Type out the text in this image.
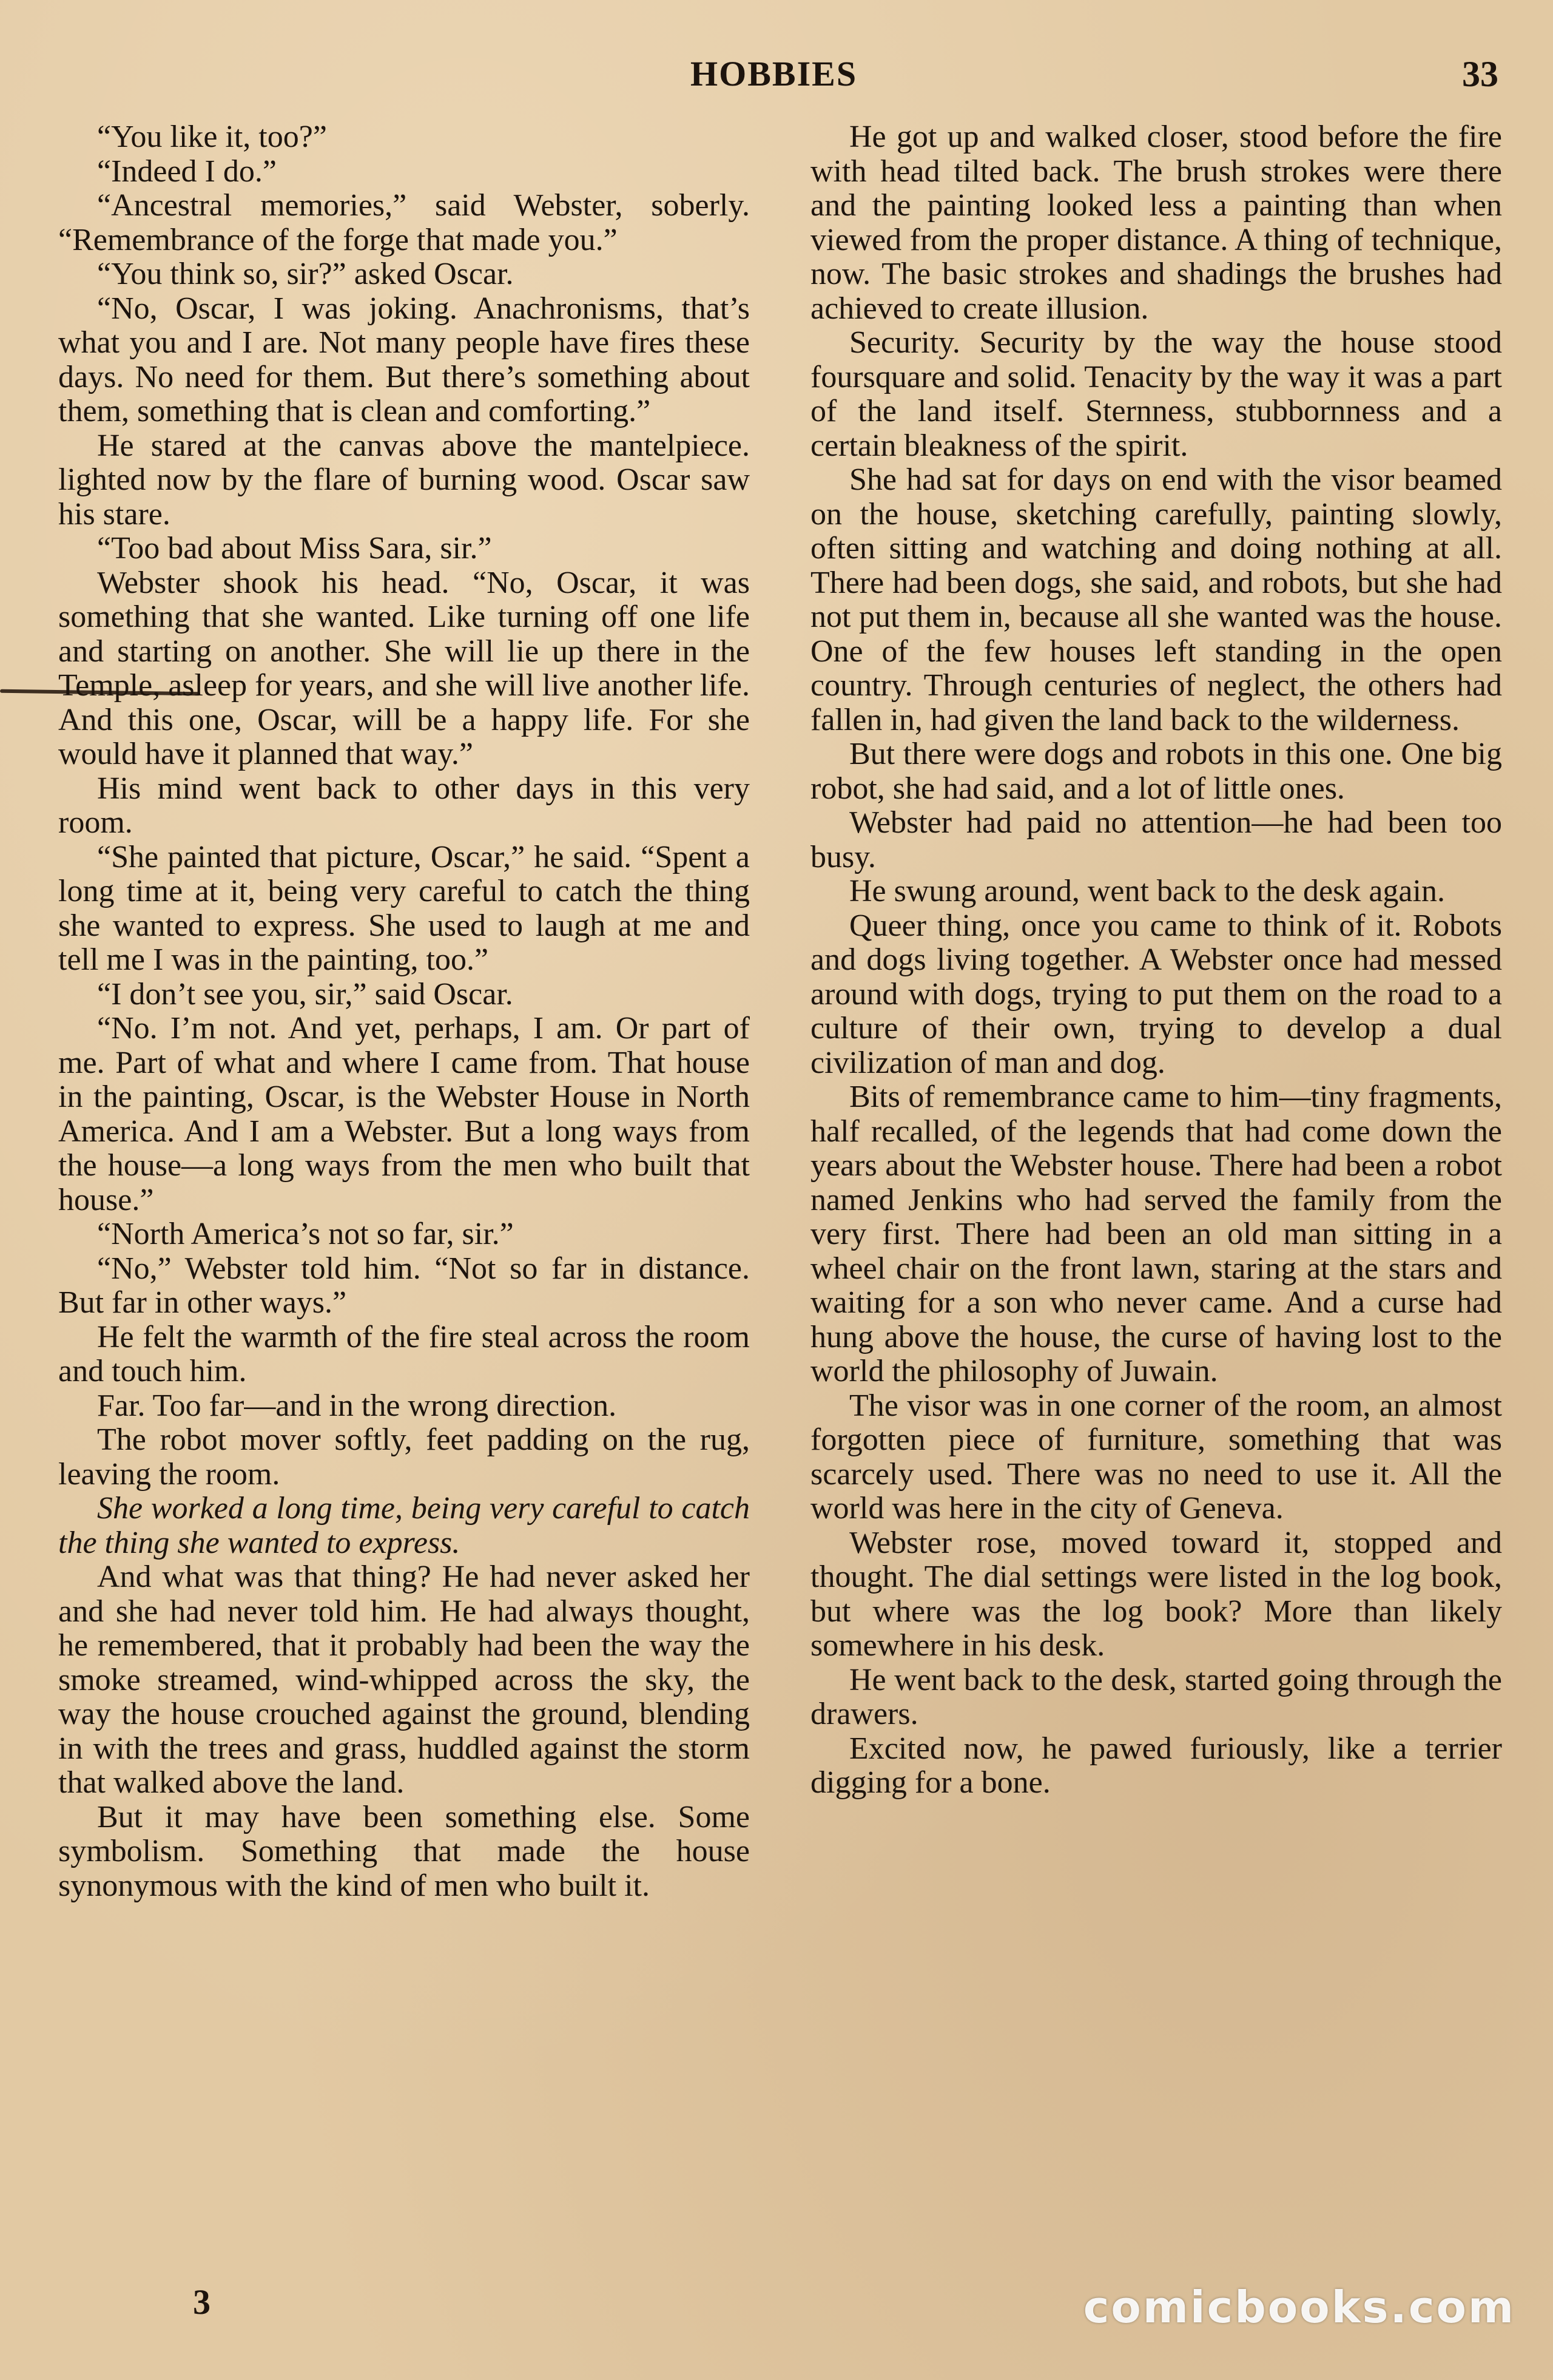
HOBBIES	33

“You like it, too?”

“Indeed I do.”

“Ancestral memories,” said Webster, soberly. “Remembrance of the forge that made you.”

“You think so, sir?” asked Oscar.

“No, Oscar, I was joking. Anachronisms, that’s what you and I are. Not many people have fires these days. No need for them. But there’s something about them, something that is clean and comforting.”

He stared at the canvas above the mantelpiece. lighted now by the flare of burning wood. Oscar saw his stare.

“Too bad about Miss Sara, sir.”

Webster shook his head. “No, Oscar, it was something that she wanted. Like turning off one life and starting on another. She will lie up there in the Temple, asleep for years, and she will live another life. And this one, Oscar, will be a happy life. For she would have it planned that way.”

His mind went back to other days in this very room.

“She painted that picture, Oscar,” he said. “Spent a long time at it, being very careful to catch the thing she wanted to express. She used to laugh at me and tell me I was in the painting, too.”

“I don’t see you, sir,” said Oscar.

“No. I’m not. And yet, perhaps, I am. Or part of me. Part of what and where I came from. That house in the painting, Oscar, is the Webster House in North America. And I am a Webster. But a long ways from the house—a long ways from the men who built that house.”

“North America’s not so far, sir.”

“No,” Webster told him. “Not so far in distance. But far in other ways.”

He felt the warmth of the fire steal across the room and touch him.

Far. Too far—and in the wrong direction.

The robot mover softly, feet padding on the rug, leaving the room.

She worked a long time, being very careful to catch the thing she wanted to express.

And what was that thing? He had never asked her and she had never told him. He had always thought, he remembered, that it probably had been the way the smoke streamed, wind-whipped across the sky, the way the house crouched against the ground, blending in with the trees and grass, huddled against the storm that walked above the land.

But it may have been something else. Some symbolism. Something that made the house synonymous with the kind of men who built it.

He got up and walked closer, stood before the fire with head tilted back. The brush strokes were there and the painting looked less a painting than when viewed from the proper distance. A thing of technique, now. The basic strokes and shadings the brushes had achieved to create illusion.

Security. Security by the way the house stood foursquare and solid. Tenacity by the way it was a part of the land itself. Sternness, stubbornness and a certain bleakness of the spirit.

She had sat for days on end with the visor beamed on the house, sketching carefully, painting slowly, often sitting and watching and doing nothing at all. There had been dogs, she said, and robots, but she had not put them in, because all she wanted was the house. One of the few houses left standing in the open country. Through centuries of neglect, the others had fallen in, had given the land back to the wilderness.

But there were dogs and robots in this one. One big robot, she had said, and a lot of little ones.

Webster had paid no attention—he had been too busy.

He swung around, went back to the desk again.

Queer thing, once you came to think of it. Robots and dogs living together. A Webster once had messed around with dogs, trying to put them on the road to a culture of their own, trying to develop a dual civilization of man and dog.

Bits of remembrance came to him—tiny fragments, half recalled, of the legends that had come down the years about the Webster house. There had been a robot named Jenkins who had served the family from the very first. There had been an old man sitting in a wheel chair on the front lawn, staring at the stars and waiting for a son who never came. And a curse had hung above the house, the curse of having lost to the world the philosophy of Juwain.

The visor was in one corner of the room, an almost forgotten piece of furniture, something that was scarcely used. There was no need to use it. All the world was here in the city of Geneva.

Webster rose, moved toward it, stopped and thought. The dial settings were listed in the log book, but where was the log book? More than likely somewhere in his desk.

He went back to the desk, started going through the drawers.

Excited now, he pawed furiously, like a terrier digging for a bone.

3	comicbooks.com
